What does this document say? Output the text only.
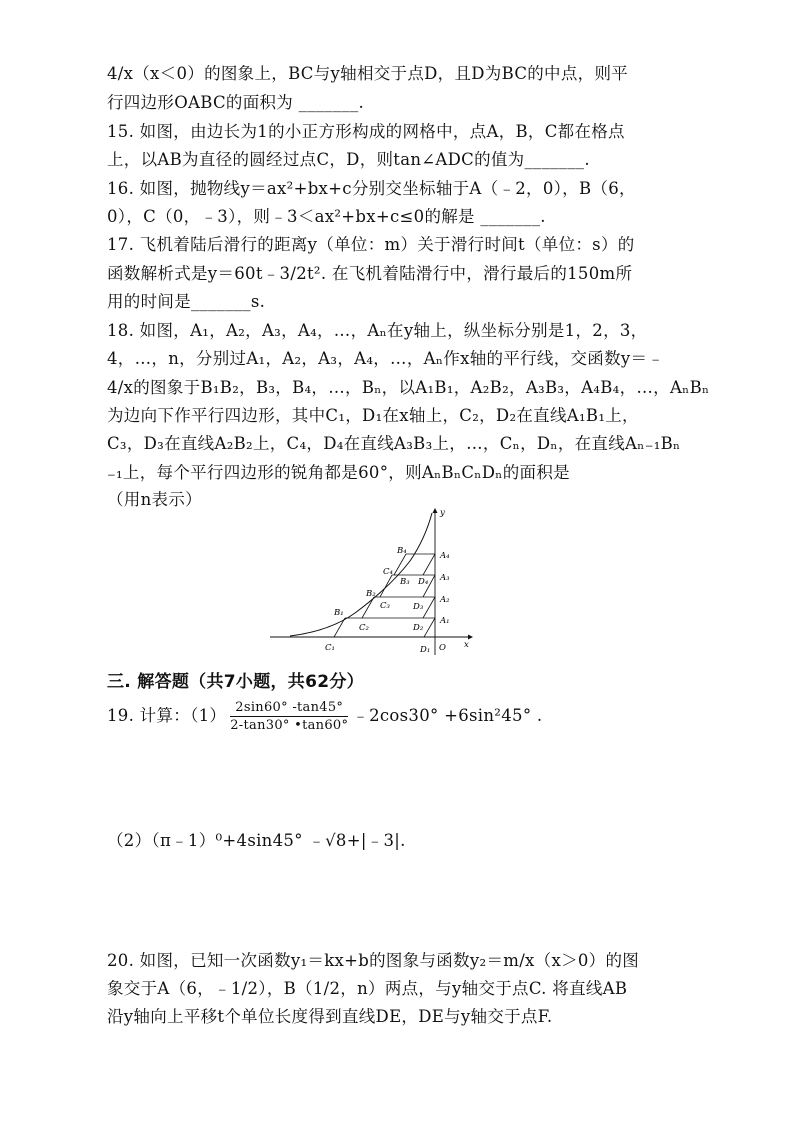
4/x（x＜0）的图象上，BC与y轴相交于点D，且D为BC的中点，则平
行四边形OABC的面积为 _______.
15. 如图，由边长为1的小正方形构成的网格中，点A，B，C都在格点
上，以AB为直径的圆经过点C，D，则tan∠ADC的值为_______.
16. 如图，抛物线y＝ax²+bx+c分别交坐标轴于A（﹣2，0），B（6，
0），C（0，﹣3），则﹣3＜ax²+bx+c≤0的解是 _______.
17. 飞机着陆后滑行的距离y（单位：m）关于滑行时间t（单位：s）的
函数解析式是y＝60t﹣3/2t². 在飞机着陆滑行中，滑行最后的150m所
用的时间是_______s.
18. 如图，A₁，A₂，A₃，A₄，…，Aₙ在y轴上，纵坐标分别是1，2，3，
4，…，n，分别过A₁，A₂，A₃，A₄，…，Aₙ作x轴的平行线，交函数y＝﹣
4/x的图象于B₁B₂，B₃，B₄，…，Bₙ，以A₁B₁，A₂B₂，A₃B₃，A₄B₄，…，AₙBₙ
为边向下作平行四边形，其中C₁，D₁在x轴上，C₂，D₂在直线A₁B₁上，
C₃，D₃在直线A₂B₂上，C₄，D₄在直线A₃B₃上，…，Cₙ，Dₙ，在直线Aₙ₋₁Bₙ
₋₁上，每个平行四边形的锐角都是60°，则AₙBₙCₙDₙ的面积是
（用n表示）
y
x
O
B₄	A₄
C₄
B₃ D₄ A₃
B₂
C₃	D₃
A₂
B₁
C₂	D₂
A₁
C₁	D₁
三. 解答题（共7小题，共62分）
19. 计算：$(1) \frac{2\sin 60^\circ -\tan 45^\circ}{2-\tan 30^\circ •\tan 60^\circ}$ ﹣2cos30° +6sin²45° .
（2）（π﹣1）⁰+4sin45° ﹣√8+|﹣3|.
20. 如图，已知一次函数y₁＝kx+b的图象与函数y₂＝m/x（x＞0）的图
象交于A（6，﹣1/2），B（1/2，n）两点，与y轴交于点C. 将直线AB
沿y轴向上平移t个单位长度得到直线DE，DE与y轴交于点F.
